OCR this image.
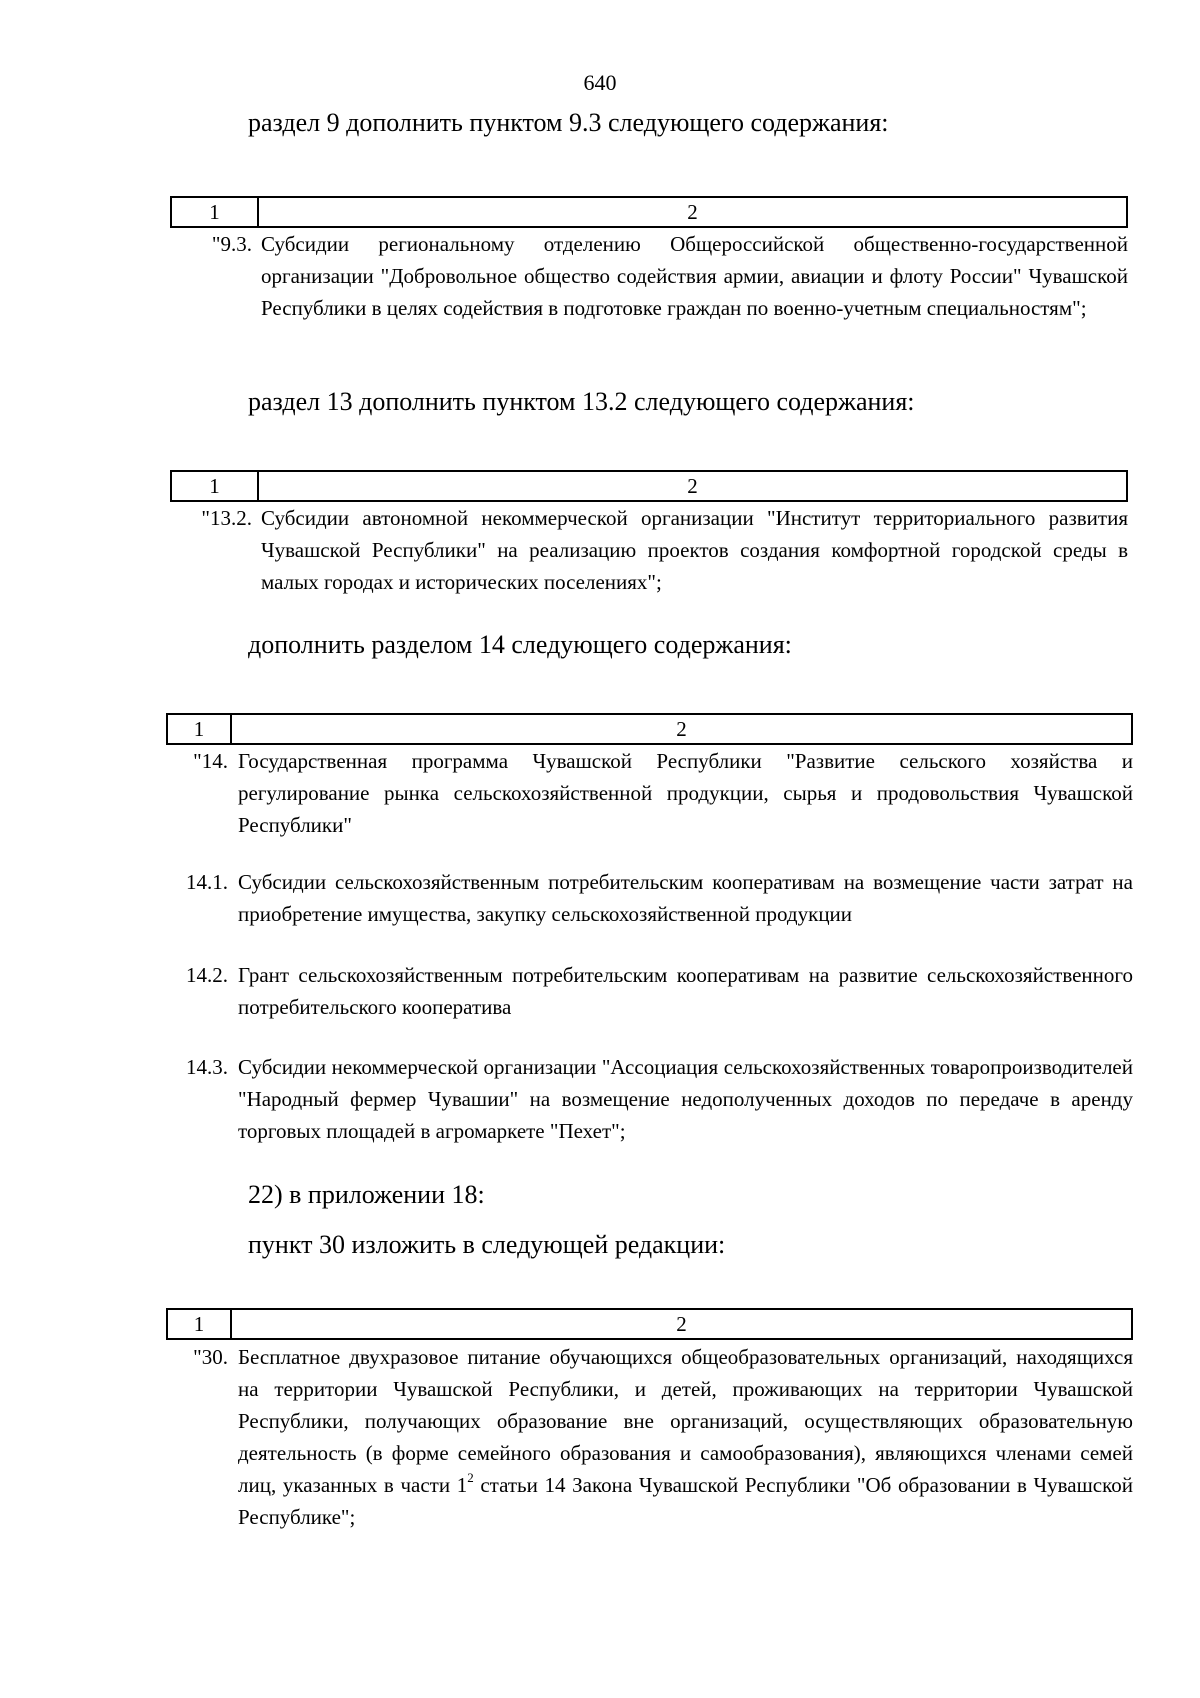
640
раздел 9 дополнить пунктом 9.3 следующего содержания:
1	2
"9.3. Субсидии региональному отделению Общероссийской общественно-государственной организации "Добровольное общество содействия армии, авиации и флоту России" Чувашской Республики в целях содействия в подготовке граждан по военно-учетным специальностям";
раздел 13 дополнить пунктом 13.2 следующего содержания:
1	2
"13.2. Субсидии автономной некоммерческой организации "Институт территориального развития Чувашской Республики" на реализацию проектов создания комфортной городской среды в малых городах и исторических поселениях";
дополнить разделом 14 следующего содержания:
1	2
"14. Государственная программа Чувашской Республики "Развитие сельского хозяйства и регулирование рынка сельскохозяйственной продукции, сырья и продовольствия Чувашской Республики"
14.1. Субсидии сельскохозяйственным потребительским кооперативам на возмещение части затрат на приобретение имущества, закупку сельскохозяйственной продукции
14.2. Грант сельскохозяйственным потребительским кооперативам на развитие сельскохозяйственного потребительского кооператива
14.3. Субсидии некоммерческой организации "Ассоциация сельскохозяйственных товаропроизводителей "Народный фермер Чувашии" на возмещение недополученных доходов по передаче в аренду торговых площадей в агромаркете "Пехет";
22) в приложении 18:
пункт 30 изложить в следующей редакции:
1	2
"30. Бесплатное двухразовое питание обучающихся общеобразовательных организаций, находящихся на территории Чувашской Республики, и детей, проживающих на территории Чувашской Республики, получающих образование вне организаций, осуществляющих образовательную деятельность (в форме семейного образования и самообразования), являющихся членами семей лиц, указанных в части $1^2$ статьи 14 Закона Чувашской Республики "Об образовании в Чувашской Республике";
